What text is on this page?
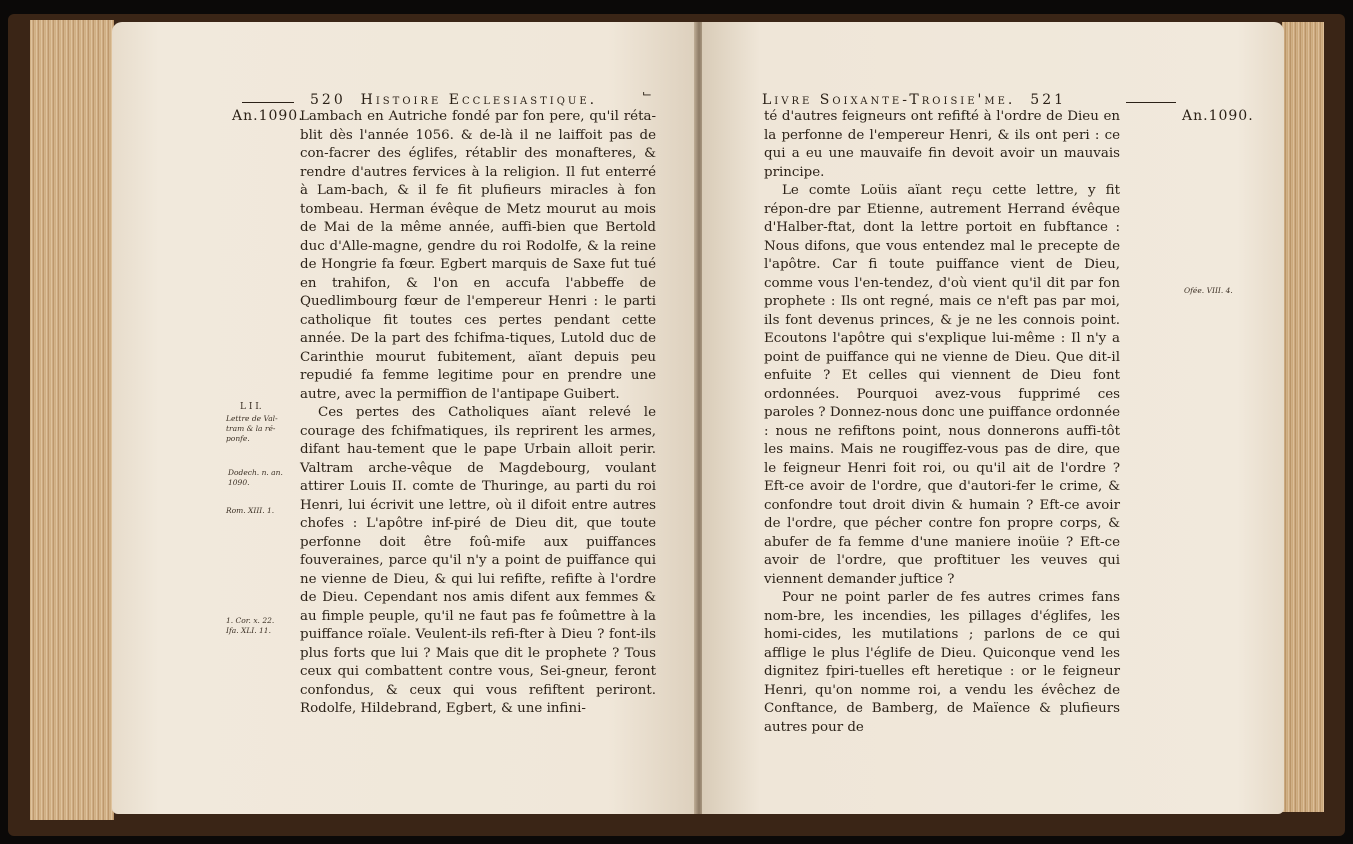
520 Histoire Ecclesiastique.	⌙
An.1090.

Lambach en Autriche fondé par fon pere, qu'il réta-blit dès l'année 1056. & de-là il ne laiffoit pas de con-facrer des églifes, rétablir des monafteres, & rendre d'autres fervices à la religion. Il fut enterré à Lam-bach, & il fe fit plufieurs miracles à fon tombeau. Herman évêque de Metz mourut au mois de Mai de la même année, auffi-bien que Bertold duc d'Alle-magne, gendre du roi Rodolfe, & la reine de Hongrie fa fœur. Egbert marquis de Saxe fut tué en trahifon, & l'on en accufa l'abbeffe de Quedlimbourg fœur de l'empereur Henri : le parti catholique fit toutes ces pertes pendant cette année. De la part des fchifma-tiques, Lutold duc de Carinthie mourut fubitement, aïant depuis peu repudié fa femme legitime pour en prendre une autre, avec la permiffion de l'antipape Guibert.

Ces pertes des Catholiques aïant relevé le courage des fchifmatiques, ils reprirent les armes, difant hau-tement que le pape Urbain alloit perir. Valtram arche-vêque de Magdebourg, voulant attirer Louis II. comte de Thuringe, au parti du roi Henri, lui écrivit une lettre, où il difoit entre autres chofes : L'apôtre inf-piré de Dieu dit, que toute perfonne doit être foû-mife aux puiffances fouveraines, parce qu'il n'y a point de puiffance qui ne vienne de Dieu, & qui lui refifte, refifte à l'ordre de Dieu. Cependant nos amis difent aux femmes & au fimple peuple, qu'il ne faut pas fe foûmettre à la puiffance roïale. Veulent-ils refi-fter à Dieu ? font-ils plus forts que lui ? Mais que dit le prophete ? Tous ceux qui combattent contre vous, Sei-gneur, feront confondus, & ceux qui vous refiftent periront. Rodolfe, Hildebrand, Egbert, & une infini-

L I I.
Lettre de Val-tram & la ré-ponfe.
Dodech. n. an. 1090.
Rom. XIII. 1.
1. Cor. x. 22. Ifa. XLI. 11.
Livre Soixante-Troisie'me. 521
An.1090.

té d'autres feigneurs ont refifté à l'ordre de Dieu en la perfonne de l'empereur Henri, & ils ont peri : ce qui a eu une mauvaife fin devoit avoir un mauvais principe.

Le comte Loüis aïant reçu cette lettre, y fit répon-dre par Etienne, autrement Herrand évêque d'Halber-ftat, dont la lettre portoit en fubftance : Nous difons, que vous entendez mal le precepte de l'apôtre. Car fi toute puiffance vient de Dieu, comme vous l'en-tendez, d'où vient qu'il dit par fon prophete : Ils ont regné, mais ce n'eft pas par moi, ils font devenus princes, & je ne les connois point. Ecoutons l'apôtre qui s'explique lui-même : Il n'y a point de puiffance qui ne vienne de Dieu. Que dit-il enfuite ? Et celles qui viennent de Dieu font ordonnées. Pourquoi avez-vous fupprimé ces paroles ? Donnez-nous donc une puiffance ordonnée : nous ne refiftons point, nous donnerons auffi-tôt les mains. Mais ne rougiffez-vous pas de dire, que le feigneur Henri foit roi, ou qu'il ait de l'ordre ? Eft-ce avoir de l'ordre, que d'autori-fer le crime, & confondre tout droit divin & humain ? Eft-ce avoir de l'ordre, que pécher contre fon propre corps, & abufer de fa femme d'une maniere inoüie ? Eft-ce avoir de l'ordre, que proftituer les veuves qui viennent demander juftice ?

Pour ne point parler de fes autres crimes fans nom-bre, les incendies, les pillages d'églifes, les homi-cides, les mutilations ; parlons de ce qui afflige le plus l'églife de Dieu. Quiconque vend les dignitez fpiri-tuelles eft heretique : or le feigneur Henri, qu'on nomme roi, a vendu les évêchez de Conftance, de Bamberg, de Maïence & plufieurs autres pour de

Ofée. VIII. 4.
